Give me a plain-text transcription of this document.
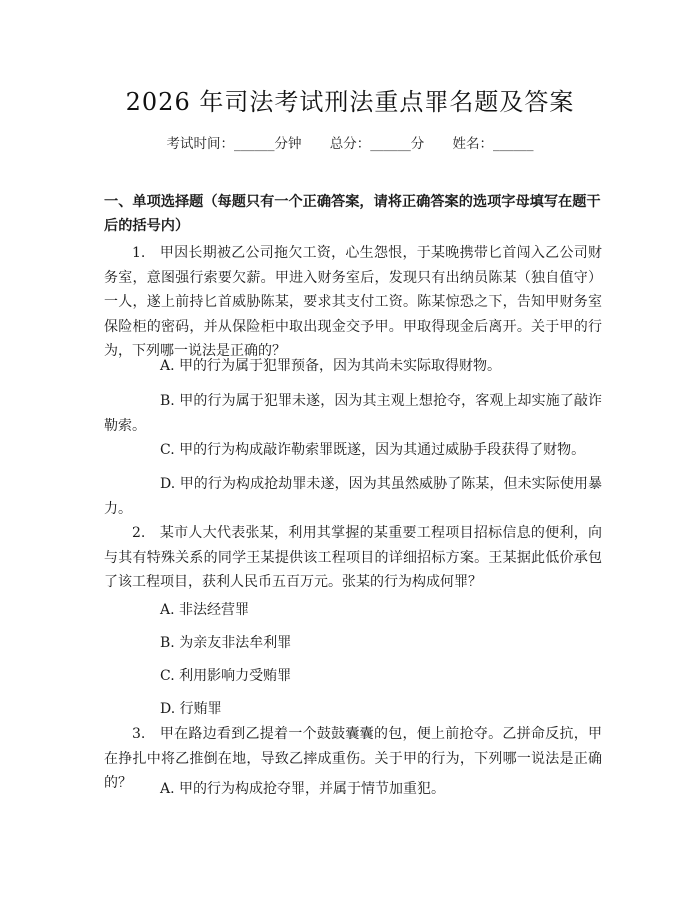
2026 年司法考试刑法重点罪名题及答案
考试时间：______分钟 总分：______分 姓名：______
一、单项选择题（每题只有一个正确答案，请将正确答案的选项字母填写在题干后的括号内）
1.　甲因长期被乙公司拖欠工资，心生怨恨，于某晚携带匕首闯入乙公司财务室，意图强行索要欠薪。甲进入财务室后，发现只有出纳员陈某（独自值守）一人，遂上前持匕首威胁陈某，要求其支付工资。陈某惊恐之下，告知甲财务室保险柜的密码，并从保险柜中取出现金交予甲。甲取得现金后离开。关于甲的行为，下列哪一说法是正确的？
A. 甲的行为属于犯罪预备，因为其尚未实际取得财物。
B. 甲的行为属于犯罪未遂，因为其主观上想抢夺，客观上却实施了敲诈勒索。
C. 甲的行为构成敲诈勒索罪既遂，因为其通过威胁手段获得了财物。
D. 甲的行为构成抢劫罪未遂，因为其虽然威胁了陈某，但未实际使用暴力。
2.　某市人大代表张某，利用其掌握的某重要工程项目招标信息的便利，向与其有特殊关系的同学王某提供该工程项目的详细招标方案。王某据此低价承包了该工程项目，获利人民币五百万元。张某的行为构成何罪？
A. 非法经营罪
B. 为亲友非法牟利罪
C. 利用影响力受贿罪
D. 行贿罪
3.　甲在路边看到乙提着一个鼓鼓囊囊的包，便上前抢夺。乙拼命反抗，甲在挣扎中将乙推倒在地，导致乙摔成重伤。关于甲的行为，下列哪一说法是正确的？	A. 甲的行为构成抢夺罪，并属于情节加重犯。
